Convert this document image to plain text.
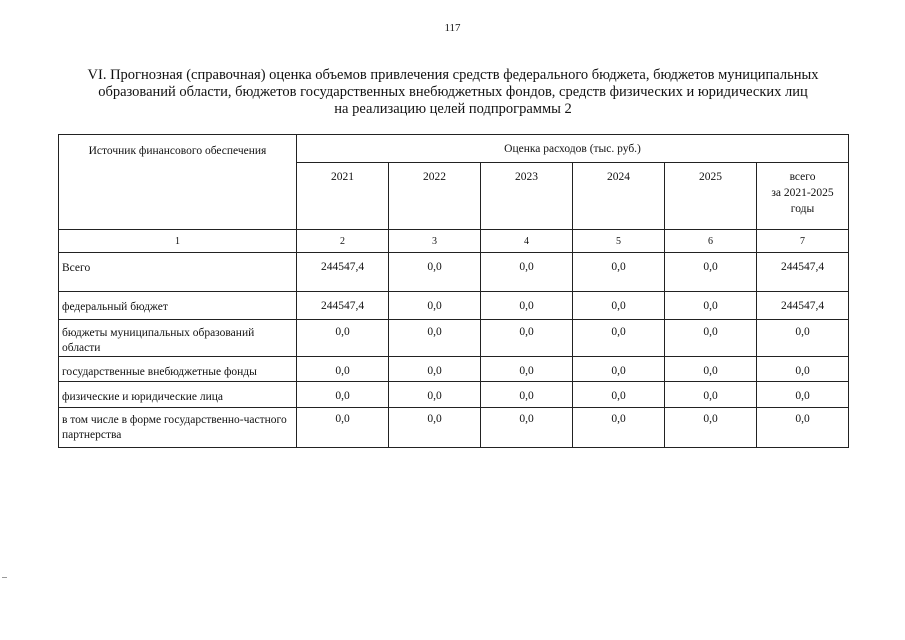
117
VI. Прогнозная (справочная) оценка объемов привлечения средств федерального бюджета, бюджетов муниципальных
образований области, бюджетов государственных внебюджетных фондов, средств физических и юридических лиц
на реализацию целей подпрограммы 2
Источник финансового обеспечения	Оценка расходов (тыс. руб.)					
	2021	2022	2023	2024	2025	всего
за 2021-2025
годы
1	2	3	4	5	6	7
Всего	244547,4	0,0	0,0	0,0	0,0	244547,4
федеральный бюджет	244547,4	0,0	0,0	0,0	0,0	244547,4
бюджеты муниципальных образований области	0,0	0,0	0,0	0,0	0,0	0,0
государственные внебюджетные фонды	0,0	0,0	0,0	0,0	0,0	0,0
физические и юридические лица	0,0	0,0	0,0	0,0	0,0	0,0
в том числе в форме государственно-частного партнерства	0,0	0,0	0,0	0,0	0,0	0,0
